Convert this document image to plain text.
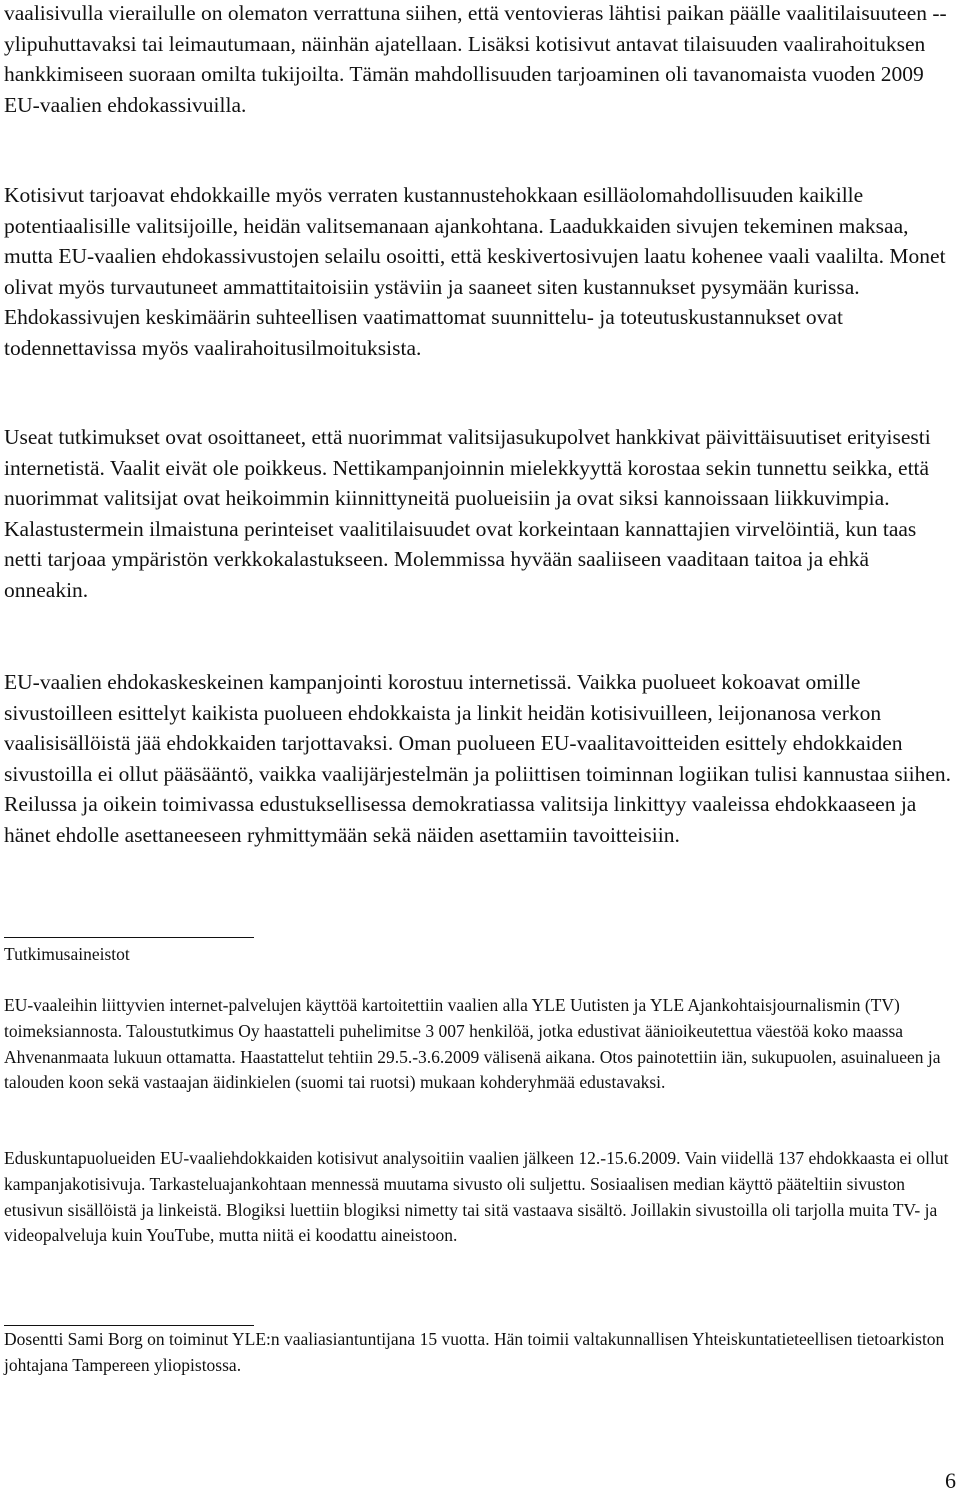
vaalisivulla vierailulle on olematon verrattuna siihen, että ventovieras lähtisi paikan päälle vaalitilaisuuteen -- ylipuhuttavaksi tai leimautumaan, näinhän ajatellaan. Lisäksi kotisivut antavat tilaisuuden vaalirahoituksen hankkimiseen suoraan omilta tukijoilta. Tämän mahdollisuuden tarjoaminen oli tavanomaista vuoden 2009 EU-vaalien ehdokassivuilla.

Kotisivut tarjoavat ehdokkaille myös verraten kustannustehokkaan esilläolomahdollisuuden kaikille potentiaalisille valitsijoille, heidän valitsemanaan ajankohtana. Laadukkaiden sivujen tekeminen maksaa, mutta EU-vaalien ehdokassivustojen selailu osoitti, että keskivertosivujen laatu kohenee vaali vaalilta. Monet olivat myös turvautuneet ammattitaitoisiin ystäviin ja saaneet siten kustannukset pysymään kurissa. Ehdokassivujen keskimäärin suhteellisen vaatimattomat suunnittelu- ja toteutuskustannukset ovat todennettavissa myös vaalirahoitusilmoituksista.

Useat tutkimukset ovat osoittaneet, että nuorimmat valitsijasukupolvet hankkivat päivittäisuutiset erityisesti internetistä. Vaalit eivät ole poikkeus. Nettikampanjoinnin mielekkyyttä korostaa sekin tunnettu seikka, että nuorimmat valitsijat ovat heikoimmin kiinnittyneitä puolueisiin ja ovat siksi kannoissaan liikkuvimpia. Kalastustermein ilmaistuna perinteiset vaalitilaisuudet ovat korkeintaan kannattajien virvelöintiä, kun taas netti tarjoaa ympäristön verkkokalastukseen. Molemmissa hyvään saaliiseen vaaditaan taitoa ja ehkä onneakin.

EU-vaalien ehdokaskeskeinen kampanjointi korostuu internetissä. Vaikka puolueet kokoavat omille sivustoilleen esittelyt kaikista puolueen ehdokkaista ja linkit heidän kotisivuilleen, leijonanosa verkon vaalisisällöistä jää ehdokkaiden tarjottavaksi. Oman puolueen EU-vaalitavoitteiden esittely ehdokkaiden sivustoilla ei ollut pääsääntö, vaikka vaalijärjestelmän ja poliittisen toiminnan logiikan tulisi kannustaa siihen. Reilussa ja oikein toimivassa edustuksellisessa demokratiassa valitsija linkittyy vaaleissa ehdokkaaseen ja hänet ehdolle asettaneeseen ryhmittymään sekä näiden asettamiin tavoitteisiin.

Tutkimusaineistot

EU-vaaleihin liittyvien internet-palvelujen käyttöä kartoitettiin vaalien alla YLE Uutisten ja YLE Ajankohtaisjournalismin (TV) toimeksiannosta. Taloustutkimus Oy haastatteli puhelimitse 3 007 henkilöä, jotka edustivat äänioikeutettua väestöä koko maassa Ahvenanmaata lukuun ottamatta. Haastattelut tehtiin 29.5.-3.6.2009 välisenä aikana. Otos painotettiin iän, sukupuolen, asuinalueen ja talouden koon sekä vastaajan äidinkielen (suomi tai ruotsi) mukaan kohderyhmää edustavaksi.

Eduskuntapuolueiden EU-vaaliehdokkaiden kotisivut analysoitiin vaalien jälkeen 12.-15.6.2009. Vain viidellä 137 ehdokkaasta ei ollut kampanjakotisivuja. Tarkasteluajankohtaan mennessä muutama sivusto oli suljettu. Sosiaalisen median käyttö pääteltiin sivuston etusivun sisällöistä ja linkeistä. Blogiksi luettiin blogiksi nimetty tai sitä vastaava sisältö. Joillakin sivustoilla oli tarjolla muita TV- ja videopalveluja kuin YouTube, mutta niitä ei koodattu aineistoon.

Dosentti Sami Borg on toiminut YLE:n vaaliasiantuntijana 15 vuotta. Hän toimii valtakunnallisen Yhteiskuntatieteellisen tietoarkiston johtajana Tampereen yliopistossa.

6
